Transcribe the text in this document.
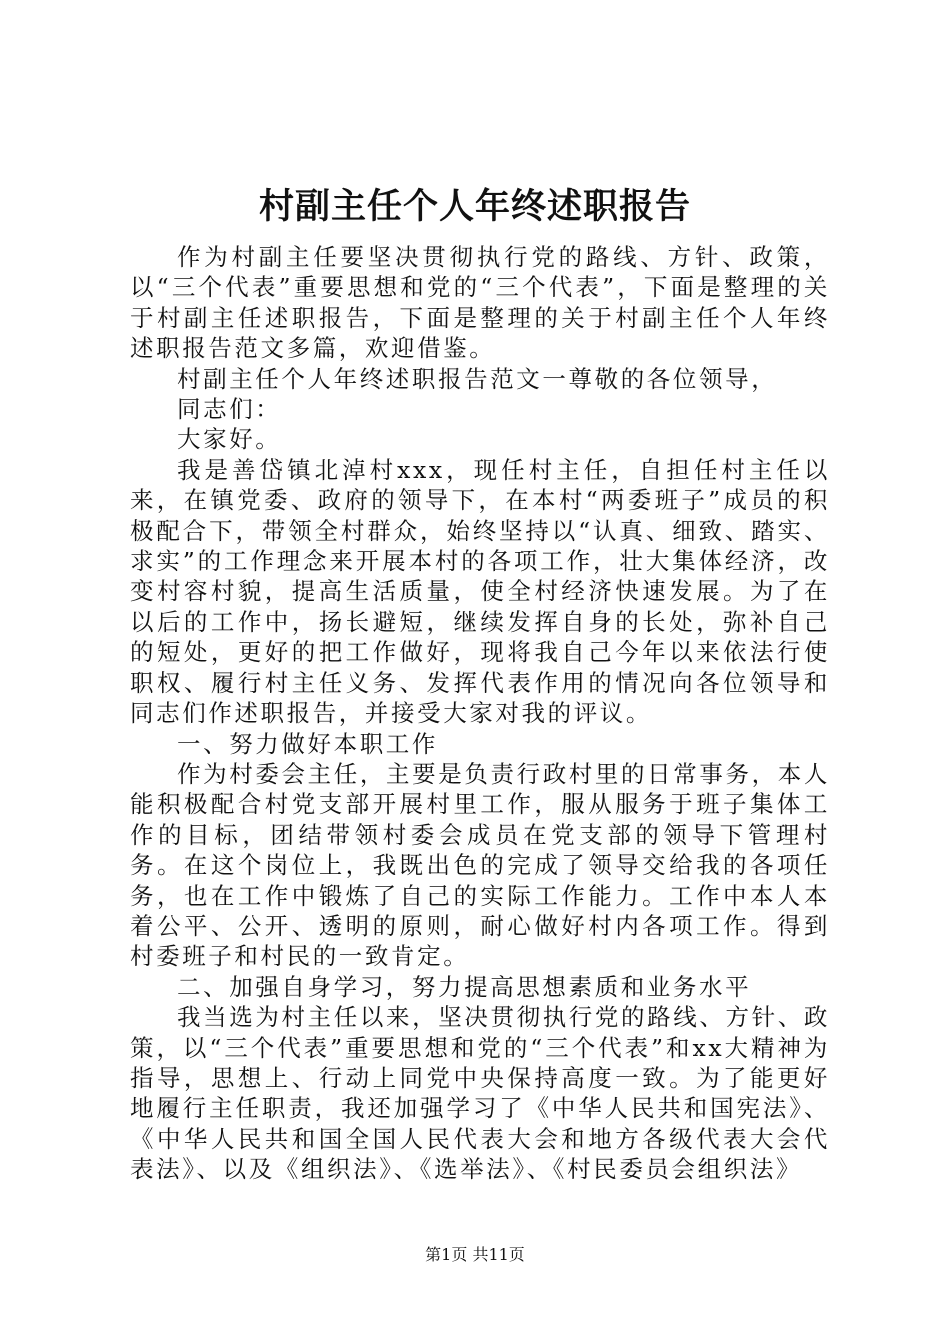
村副主任个人年终述职报告

作为村副主任要坚决贯彻执行党的路线、方针、政策，以“三个代表”重要思想和党的“三个代表”，下面是整理的关于村副主任述职报告，下面是整理的关于村副主任个人年终述职报告范文多篇，欢迎借鉴。

村副主任个人年终述职报告范文一尊敬的各位领导，

同志们：

大家好。

我是善岱镇北淖村xxx，现任村主任，自担任村主任以来，在镇党委、政府的领导下，在本村“两委班子”成员的积极配合下，带领全村群众，始终坚持以“认真、细致、踏实、求实”的工作理念来开展本村的各项工作，壮大集体经济，改变村容村貌，提高生活质量，使全村经济快速发展。为了在以后的工作中，扬长避短，继续发挥自身的长处，弥补自己的短处，更好的把工作做好，现将我自己今年以来依法行使职权、履行村主任义务、发挥代表作用的情况向各位领导和同志们作述职报告，并接受大家对我的评议。

一、努力做好本职工作

作为村委会主任，主要是负责行政村里的日常事务，本人能积极配合村党支部开展村里工作，服从服务于班子集体工作的目标，团结带领村委会成员在党支部的领导下管理村务。在这个岗位上，我既出色的完成了领导交给我的各项任务，也在工作中锻炼了自己的实际工作能力。工作中本人本着公平、公开、透明的原则，耐心做好村内各项工作。得到村委班子和村民的一致肯定。

二、加强自身学习，努力提高思想素质和业务水平

我当选为村主任以来，坚决贯彻执行党的路线、方针、政策，以“三个代表”重要思想和党的“三个代表”和xx大精神为指导，思想上、行动上同党中央保持高度一致。为了能更好地履行主任职责，我还加强学习了《中华人民共和国宪法》、《中华人民共和国全国人民代表大会和地方各级代表大会代表法》、以及《组织法》、《选举法》、《村民委员会组织法》

第1页 共11页
